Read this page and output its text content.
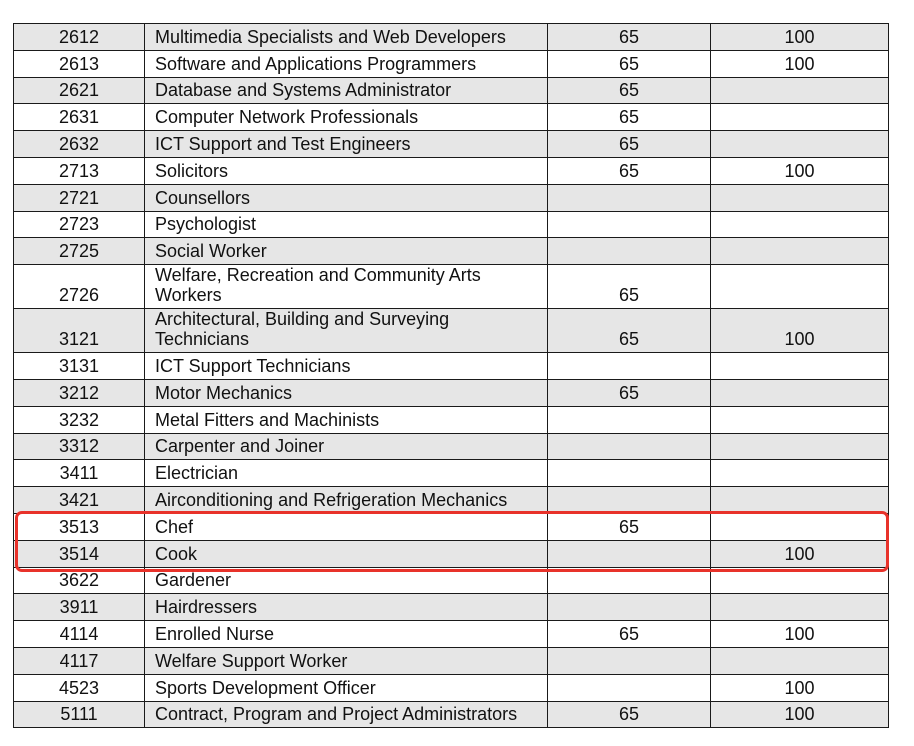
2612	Multimedia Specialists and Web Developers	65	100
2613	Software and Applications Programmers	65	100
2621	Database and Systems Administrator	65	
2631	Computer Network Professionals	65	
2632	ICT Support and Test Engineers	65	
2713	Solicitors	65	100
2721	Counsellors		
2723	Psychologist		
2725	Social Worker		
2726	Welfare, Recreation and Community Arts Workers	65	
3121	Architectural, Building and Surveying Technicians	65	100
3131	ICT Support Technicians		
3212	Motor Mechanics	65	
3232	Metal Fitters and Machinists		
3312	Carpenter and Joiner		
3411	Electrician		
3421	Airconditioning and Refrigeration Mechanics		
3513	Chef	65	
3514	Cook		100
3622	Gardener		
3911	Hairdressers		
4114	Enrolled Nurse	65	100
4117	Welfare Support Worker		
4523	Sports Development Officer		100
5111	Contract, Program and Project Administrators	65	100
